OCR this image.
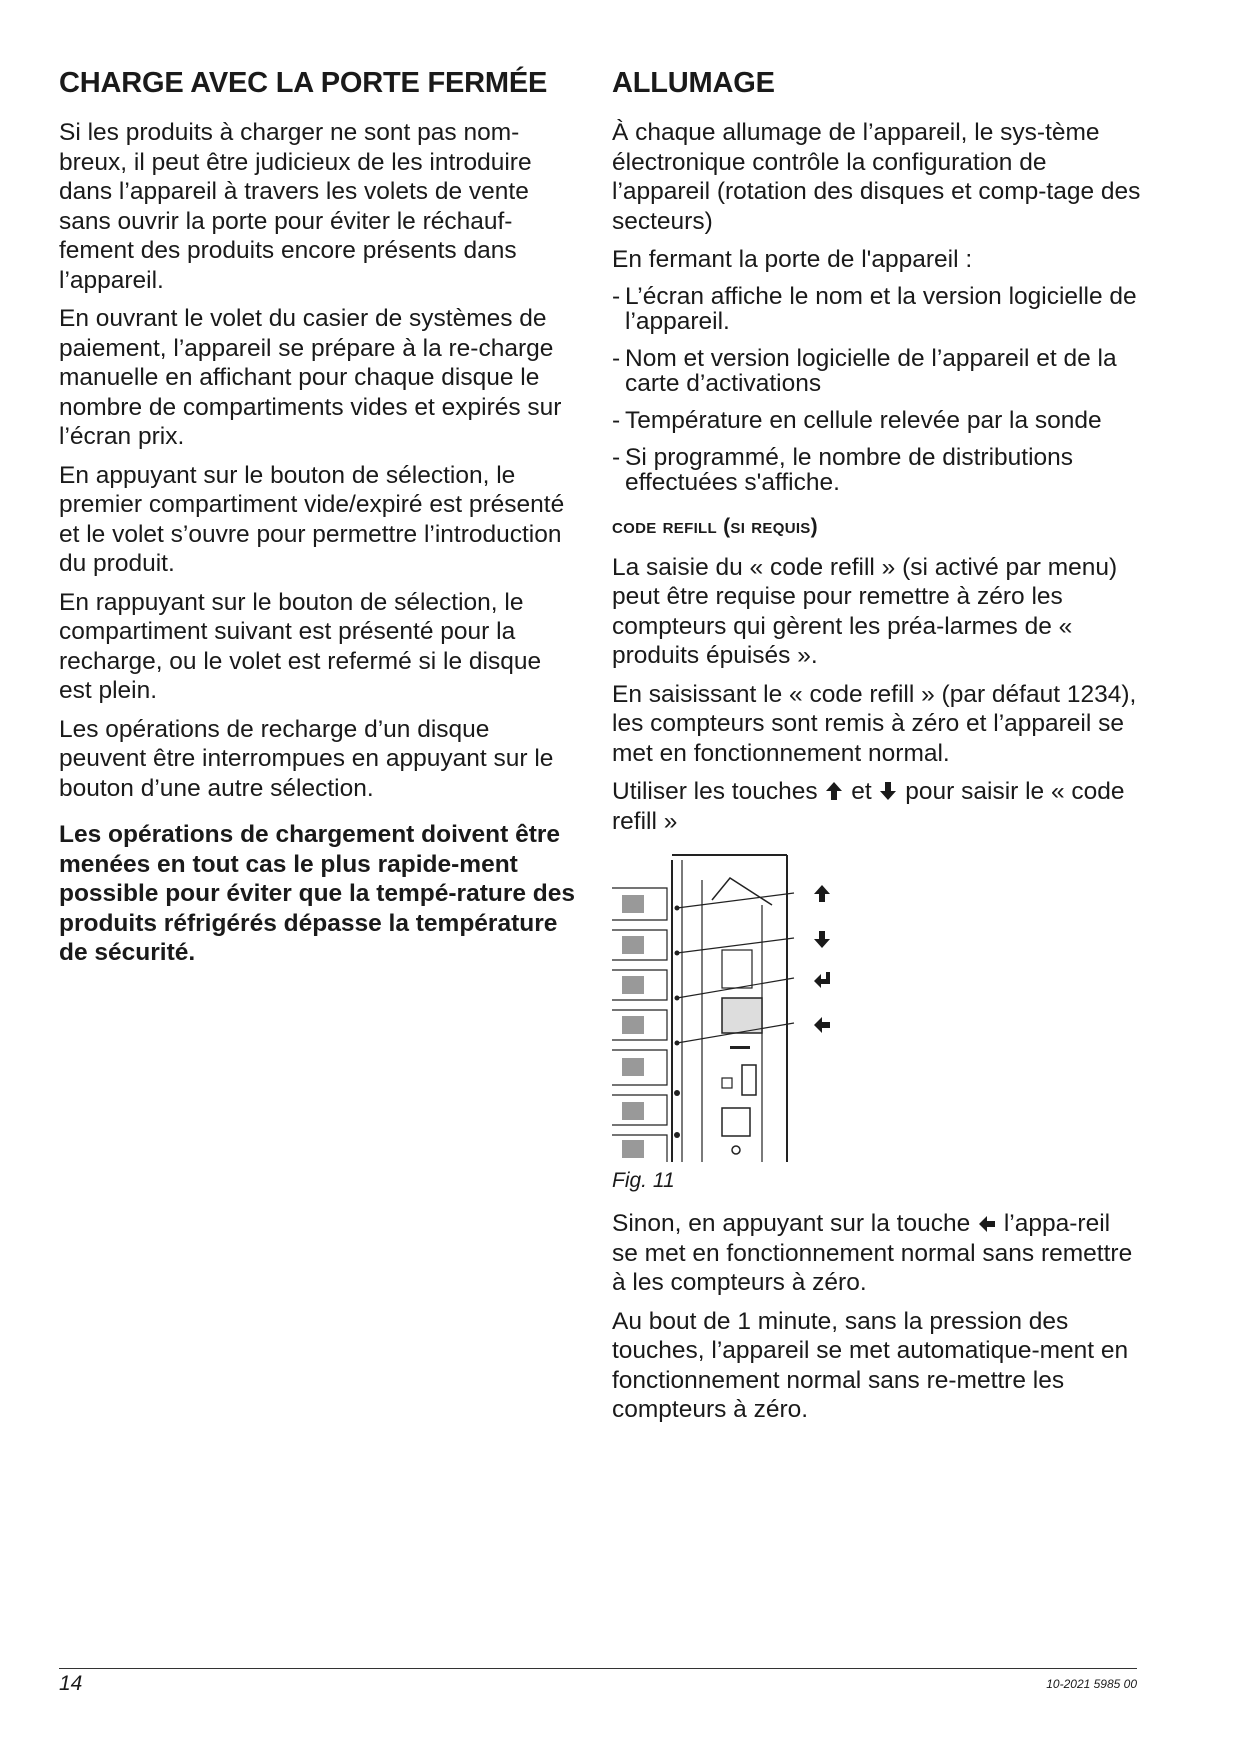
CHARGE AVEC LA PORTE FERMÉE

Si les produits à charger ne sont pas nom-breux, il peut être judicieux de les introduire dans l’appareil à travers les volets de vente sans ouvrir la porte pour éviter le réchauf-fement des produits encore présents dans l’appareil.

En ouvrant le volet du casier de systèmes de paiement, l’appareil se prépare à la re-charge manuelle en affichant pour chaque disque le nombre de compartiments vides et expirés sur l’écran prix.

En appuyant sur le bouton de sélection, le premier compartiment vide/expiré est présenté et le volet s’ouvre pour permettre l’introduction du produit.

En rappuyant sur le bouton de sélection, le compartiment suivant est présenté pour la recharge, ou le volet est refermé si le disque est plein.

Les opérations de recharge d’un disque peuvent être interrompues en appuyant sur le bouton d’une autre sélection.

Les opérations de chargement doivent être menées en tout cas le plus rapide-ment possible pour éviter que la tempé-rature des produits réfrigérés dépasse la température de sécurité.

ALLUMAGE

À chaque allumage de l’appareil, le sys-tème électronique contrôle la configuration de l’appareil (rotation des disques et comp-tage des secteurs)

En fermant la porte de l'appareil :

- L’écran affiche le nom et la version logicielle de l’appareil.
- Nom et version logicielle de l’appareil et de la carte d’activations
- Température en cellule relevée par la sonde
- Si programmé, le nombre de distributions effectuées s'affiche.
code refill (si requis)

La saisie du « code refill » (si activé par menu) peut être requise pour remettre à zéro les compteurs qui gèrent les préa-larmes de « produits épuisés ».

En saisissant le « code refill » (par défaut 1234), les compteurs sont remis à zéro et l’appareil se met en fonctionnement normal.

Utiliser les touches et pour saisir le « code refill »

Fig. 11

Sinon, en appuyant sur la touche l’appa-reil se met en fonctionnement normal sans remettre à les compteurs à zéro.

Au bout de 1 minute, sans la pression des touches, l’appareil se met automatique-ment en fonctionnement normal sans re-mettre les compteurs à zéro.

14	10-2021 5985 00
